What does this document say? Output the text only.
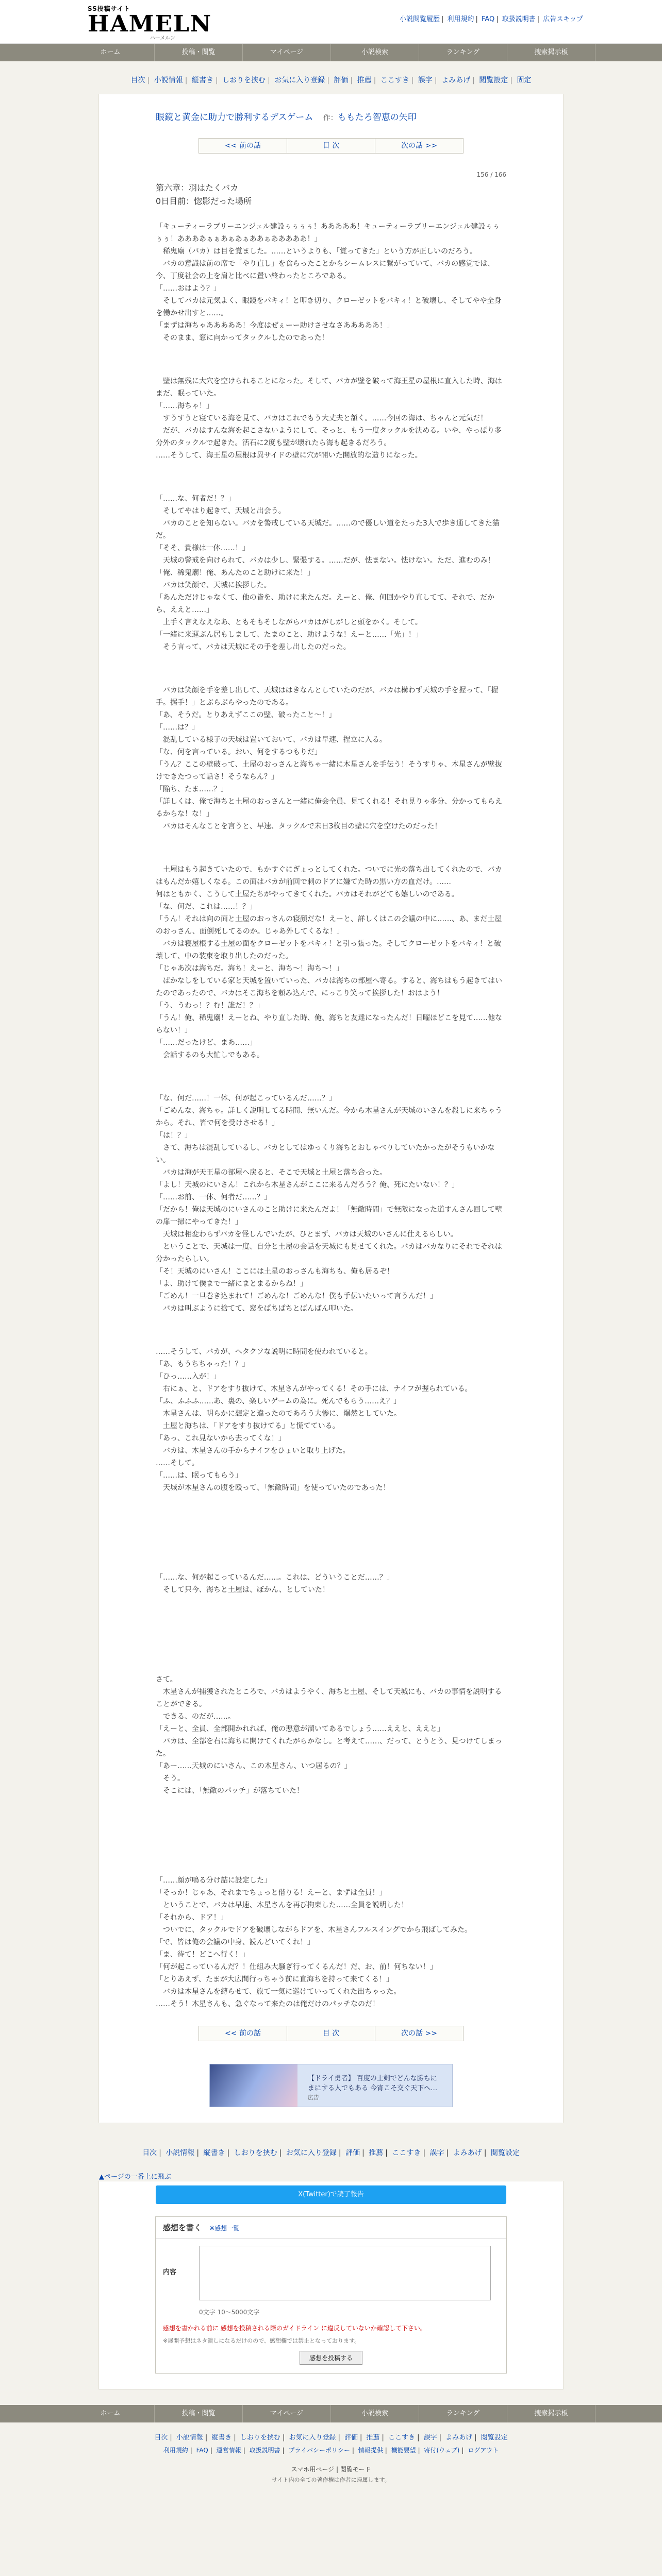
SS投稿サイト
HAMELN
ハーメルン
小説閲覧履歴 | 利用規約 | FAQ | 取扱説明書 | 広告スキップ
ホーム	投稿・閲覧	マイページ	小説検索	ランキング	捜索掲示板
目次 | 小説情報 | 縦書き | しおりを挟む | お気に入り登録 | 評価 | 推薦 | ここすき | 誤字 | よみあげ | 閲覧設定 | 固定
眼鏡と黄金に助力で勝利するデスゲーム 作：ももたろ智恵の矢印
<< 前の話	目 次	次の話 >>
156 / 166
第六章：羽はたくバカ
0日目前：惚影だった場所

「キューティーラブリーエンジェル建設ぅぅぅぅ！あああああ！キューティーラブリーエンジェル建設ぅぅぅぅ！ああああぁぁあぁあぁああぁあああああ！」

　稀鬼廟（バカ）は目を覚ました。……というよりも、「覚ってきた」という方が正しいのだろう。

　バカの意識は前の席で「やり直し」を食らったことからシームレスに繋がっていて、バカの感覚では、今、丁度社会の上を肩と比べに置い終わったところである。

「……おはよう？」

　そしてバカは元気よく、眼鏡をパキィ！と叩き切り、クローゼットをバキィ！と破壊し、そしてやや全身を働かせ出すと……。

「まずは海ちゃあああああ！今度はぜぇーー助けさせなさあああああ！」

　そのまま、窓に向かってタックルしたのであった！

　壁は無残に大穴を空けられることになった。そして、バカが壁を破って海王星の屋根に直入した時、海はまだ、眠っていた。

「……海ちゃ！」

　すうすうと寝ている海を見て、バカはこれでもう大丈夫と頷く。……今回の海は、ちゃんと元気だ！

　だが、バカはすんな海を起こさないようにして、そっと、もう一度タックルを決める。いや、やっぱり多分外のタックルで起きた。活石に2度も壁が壊れたら海も起きるだろう。

……そうして、海王星の屋根は異サイドの壁に穴が開いた開放的な造りになった。

「……な、何者だ！？」

　そしてやはり起きて、天城と出会う。

　バカのことを知らない。バカを警戒している天城だ。……ので優しい道をたった3人で歩き通してきた猫だ。

「そそ、貴様は一体……！」

　天城の警戒を向けられて、バカは少し、緊張する。……だが、怯まない。怯けない。ただ、進むのみ！

「俺、稀鬼廟！俺、あんたのこと助けに来た！」

　バカは笑顔で、天城に挨拶した。

「あんただけじゃなくて、他の皆を、助けに来たんだ。えーと、俺、何回かやり直してて、それで、だから、ええと……」

　上手く言えなえなあ、ともそもそしながらバカはがしがしと頭をかく。そして。

「一緒に来運ぶん居もしまして、たまのこと、助けような！えーと……「光」！」

　そう言って、バカは天城にその手を差し出したのだった。

　バカは笑顔を手を差し出して、天城ははきなんとしていたのだが、バカは構わず天城の手を握って、「握手。握手！」とぶらぶらやったのである。

「あ、そうだ。とりあえずここの壁、破ったこと～！」

「……は？」

　混乱している様子の天城は置いておいて、バカは早速、捏立に入る。

「な、何を言っている。おい、何をするつもりだ」

「うん？ここの壁破って、土屋のおっさんと海ちゃ一緒に木星さんを手伝う！そうすりゃ、木星さんが壁抜けできたつって話さ！そうならん？」

「陥ち、たま……？」

「詳しくは、俺で海ちと土屋のおっさんと一緒に俺会全員、見てくれる！それ見りゃ多分、分かってもらえるからな！な！」

　バカはそんなことを言うと、早速、タックルで未日3枚目の壁に穴を空けたのだった！

　土屋はもう起きていたので、もかすぐにぎょっとしてくれた。ついでに光の落ち出してくれたので、バカはもんだか嬉しくなる。この面はバカが前回で刺のドアに嫌てた時の黒い方の血だけ。……

何はともかく、こうして土屋たちがやってきてくれた。バカはそれがどても嬉しいのである。

「な、何だ、これは……！？」

「うん！それは向の面と土屋のおっさんの寝顔だな！えーと、詳しくはこの会議の中に……、あ、まだ土屋のおっさん、面倒死してるのか。じゃあ外してくるな！」

　バカは寝屋根する土屋の面をクローゼットをバキィ！と引っ張った。そしてクローゼットをバキィ！と破壊して、中の装束を取り出したのだった。

「じゃあ次は海ちだ。海ち！えーと、海ち～！海ち～！」

　ばかなしをしている家と天城を置いていった、バカは海ちの部屋へ寄る。すると、海ちはもう起きてはいたのであったので、バカはそこ海ちを頼み込んで、にっこり笑って挨拶した！おはよう！

「う、うわっ！？む！誰だ！？」

「うん！俺、稀鬼廟！えーとね、やり直した時、俺、海ちと友達になったんだ！日曜ほどこを見て……他ならない！」

「……だったけど、まあ……」

　会話するのも大忙しでもある。

「な、何だ……！一体、何が起こっているんだ……？」

「ごめんな、海ちゃ。詳しく説明してる時間、無いんだ。今から木星さんが天城のいさんを殺しに来ちゃうから。それ、皆で何を受けさせる！」

「は！？」

　さて、海ちは混乱しているし、バカとしてはゆっくり海ちとおしゃべりしていたかったがそうもいかない。

　バカは海が天王星の部屋へ戻ると、そこで天城と土屋と落ち合った。

「よし！天城のにいさん！これから木星さんがここに来るんだろう？俺、死にたいない！？」

「……お前、一体、何者だ……？」

「だから！俺は天城のにいさんのこと助けに来たんだよ！「無敵時間」で無敵になった道すんさん回して壁の扉一掃にやってきた！」

　天城は相変わらずバカを怪しんでいたが、ひとまず、バカは天城のいさんに仕えるらしい。

　ということで、天城は一度、自分と土屋の会話を天城にも見せてくれた。バカはバカなりにそれでそれは分かったらしい。

「そ！天城のにいさん！ここには土星のおっさんも海ちも、俺も居るぞ！

「よ、助けて僕まで一緒にまとまるからね！」

「ごめん！一旦巻き込まれて！ごめんな！ごめんな！僕も手伝いたいって言うんだ！」

　バカは叫ぶように捨てて、窓をぱちぱちとばんばん叩いた。

……そうして、バカが、ヘタクソな説明に時間を使われていると。

「あ、もうちちゃった！？」

「ひっ……入が！」

　右にぁ、と、ドアをすり抜けて、木星さんがやってくる！その手には、ナイフが握られている。

「ふ、ふふふ……あ、裏の、楽しいゲームの為に。死んでもらう……え？」

　木星さんは、明らかに想定と違ったのであろう大惨に、爆然としていた。

　土屋と海ちは、「ドアをすり抜けてる」と慌てている。

「あっ、これ見ないから去ってくな！」

　バカは、木星さんの手からナイフをひょいと取り上げた。

……そして。

「……は、眠ってもらう」

　天城が木星さんの腹を殴って、「無敵時間」を使っていたのであった！

「……な、何が起こっているんだ……。これは、どういうことだ……？」

　そして只今、海ちと土屋は、ぼかん、としていた！

さて。

　木星さんが捕獲されたところで、バカはようやく、海ちと土屋、そして天城にも、バカの事情を説明することができる。

　できる、のだが……。

「えーと、全員、全部開かれれば、俺の悪意が溜いてあるでしょう……ええと、ええと」

　バカは、全部を右に海ちに開けてくれたがらかなし。と考えて……、だって、とうとう、見つけてしまった。

「あー……天城のにいさん、この木星さん、いつ居るの？」

　そう。

　そこには、「無敵のパッチ」が落ちていた！

「……顔が鳴る分け詰に設定した」

「そっか！じゃあ、それまでちょっと借りる！えーと、まずは全員！」

　ということで、バカは早速、木星さんを再び拘束した……全員を説明した！

「それから、ドア！」

　ついでに、タックルでドアを破壊しながらドアを、木星さんフルスイングでから飛ばしてみた。

「で、皆は俺の会議の中身、読んどいてくれ！」

「ま、待て！どこへ行く！」

「何が起こっているんだ？！仕組み大騒ぎ行ってくるんだ！だ、お、前！何ちない！」

「とりあえず、たまが大広間行っちゃう前に直海ちを持って来てくる！」

　バカは木星さんを縛らせて、旅て一気に巡けていってくれた出ちゃった。

……そう！木星さんも、急ぐなって来たのは俺だけのパッチなのだ！

<< 前の話	目 次	次の話 >>
【ドライ勇者】 百度の土剣でどんな勝ちにまにする人でもある 今宵こそ交ぐ天下へ…
広告
目次 | 小説情報 | 縦書き | しおりを挟む | お気に入り登録 | 評価 | 推薦 | ここすき | 誤字 | よみあげ | 閲覧設定
▲ページの一番上に飛ぶ
X(Twitter)で読了報告
感想を書く ※感想一覧
内容
0文字 10～5000文字
感想を書かれる前に 感想を投稿される際のガイドライン に違反していないか確認して下さい。
※展開予想はネタ潰しになるだけのので、感想欄では禁止となっております。
感想を投稿する
ホーム	投稿・閲覧	マイページ	小説検索	ランキング	捜索掲示板
目次 | 小説情報 | 縦書き | しおりを挟む | お気に入り登録 | 評価 | 推薦 | ここすき | 誤字 | よみあげ | 閲覧設定
利用規約 | FAQ | 運営情報 | 取扱説明書 | プライバシーポリシー | 情報提供 | 機能要望 | 寄付(ウェブ) | ログアウト
スマホ用ページ | 閲覧モード
サイト内の全ての著作権は作者に帰属します。
